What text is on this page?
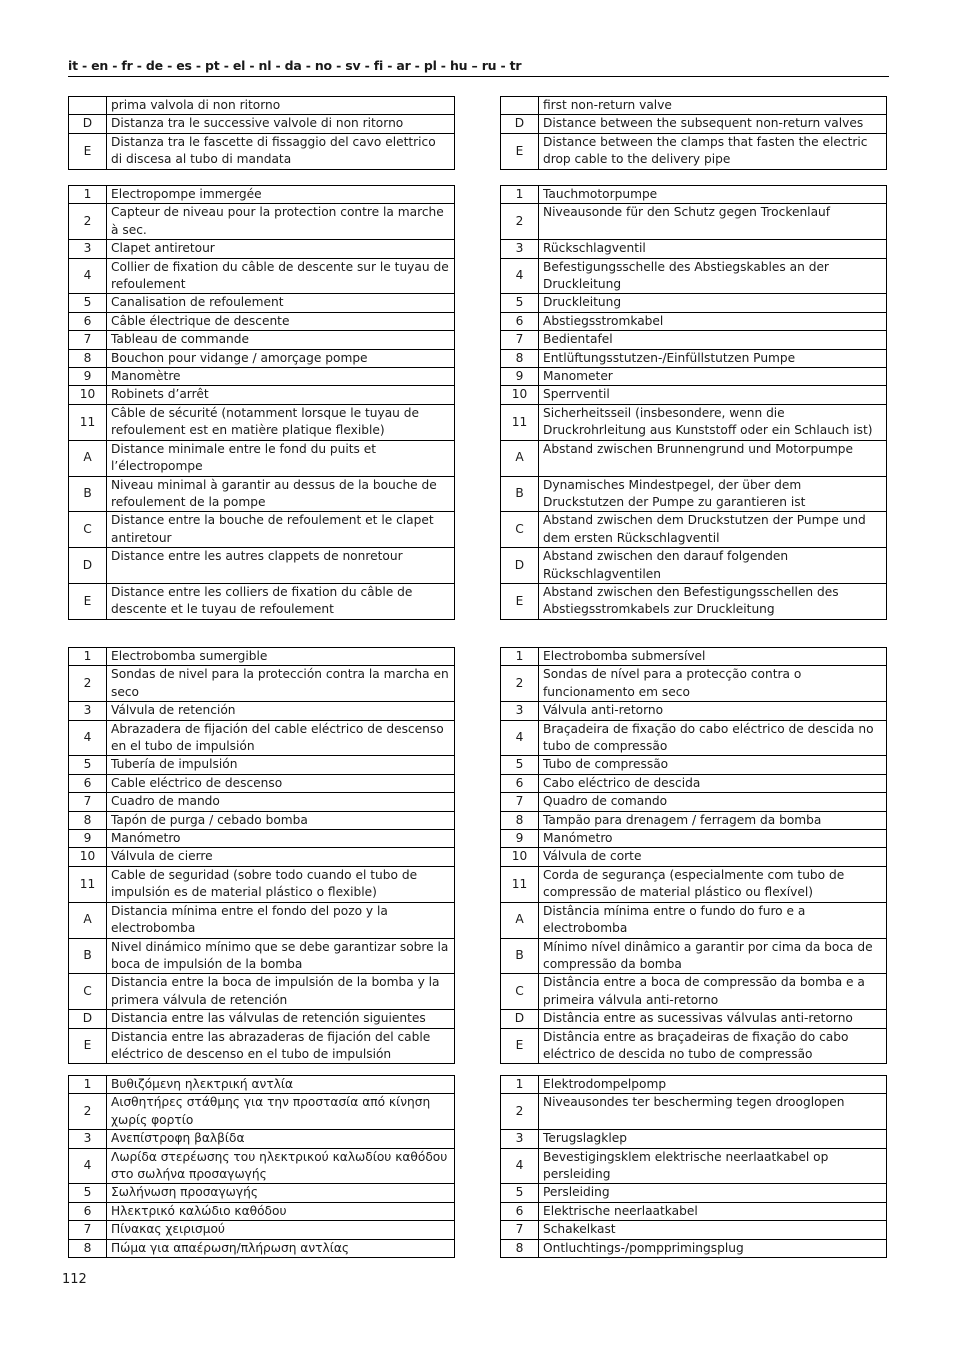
it - en - fr - de - es - pt - el - nl - da - no - sv - fi - ar - pl - hu – ru - tr
	prima valvola di non ritorno
D	Distanza tra le successive valvole di non ritorno
E	Distanza tra le fascette di fissaggio del cavo elettrico di discesa al tubo di mandata
	first non-return valve
D	Distance between the subsequent non-return valves
E	Distance between the clamps that fasten the electric drop cable to the delivery pipe
1	Electropompe immergée
2	Capteur de niveau pour la protection contre la marche à sec.
3	Clapet antiretour
4	Collier de fixation du câble de descente sur le tuyau de refoulement
5	Canalisation de refoulement
6	Câble électrique de descente
7	Tableau de commande
8	Bouchon pour vidange / amorçage pompe
9	Manomètre
10	Robinets d’arrêt
11	Câble de sécurité (notamment lorsque le tuyau de refoulement est en matière platique flexible)
A	Distance minimale entre le fond du puits et l’électropompe
B	Niveau minimal à garantir au dessus de la bouche de refoulement de la pompe
C	Distance entre la bouche de refoulement et le clapet antiretour
D	Distance entre les autres clappets de nonretour
E	Distance entre les colliers de fixation du câble de descente et le tuyau de refoulement
1	Tauchmotorpumpe
2	Niveausonde für den Schutz gegen Trockenlauf
3	Rückschlagventil
4	Befestigungsschelle des Abstiegskables an der Druckleitung
5	Druckleitung
6	Abstiegsstromkabel
7	Bedientafel
8	Entlüftungsstutzen-/Einfüllstutzen Pumpe
9	Manometer
10	Sperrventil
11	Sicherheitsseil (insbesondere, wenn die Druckrohrleitung aus Kunststoff oder ein Schlauch ist)
A	Abstand zwischen Brunnengrund und Motorpumpe
B	Dynamisches Mindestpegel, der über dem Druckstutzen der Pumpe zu garantieren ist
C	Abstand zwischen dem Druckstutzen der Pumpe und dem ersten Rückschlagventil
D	Abstand zwischen den darauf folgenden Rückschlagventilen
E	Abstand zwischen den Befestigungsschellen des Abstiegsstromkabels zur Druckleitung
1	Electrobomba sumergible
2	Sondas de nivel para la protección contra la marcha en seco
3	Válvula de retención
4	Abrazadera de fijación del cable eléctrico de descenso en el tubo de impulsión
5	Tubería de impulsión
6	Cable eléctrico de descenso
7	Cuadro de mando
8	Tapón de purga / cebado bomba
9	Manómetro
10	Válvula de cierre
11	Cable de seguridad (sobre todo cuando el tubo de impulsión es de material plástico o flexible)
A	Distancia mínima entre el fondo del pozo y la electrobomba
B	Nivel dinámico mínimo que se debe garantizar sobre la boca de impulsión de la bomba
C	Distancia entre la boca de impulsión de la bomba y la primera válvula de retención
D	Distancia entre las válvulas de retención siguientes
E	Distancia entre las abrazaderas de fijación del cable eléctrico de descenso en el tubo de impulsión
1	Electrobomba submersível
2	Sondas de nível para a protecção contra o funcionamento em seco
3	Válvula anti-retorno
4	Braçadeira de fixação do cabo eléctrico de descida no tubo de compressão
5	Tubo de compressão
6	Cabo eléctrico de descida
7	Quadro de comando
8	Tampão para drenagem / ferragem da bomba
9	Manómetro
10	Válvula de corte
11	Corda de segurança (especialmente com tubo de compressão de material plástico ou flexível)
A	Distância mínima entre o fundo do furo e a electrobomba
B	Mínimo nível dinâmico a garantir por cima da boca de compressão da bomba
C	Distância entre a boca de compressão da bomba e a primeira válvula anti-retorno
D	Distância entre as sucessivas válvulas anti-retorno
E	Distância entre as braçadeiras de fixação do cabo eléctrico de descida no tubo de compressão
1	Βυθιζόμενη ηλεκτρική αντλία
2	Αισθητήρες στάθμης για την προστασία από κίνηση χωρίς φορτίο
3	Ανεπίστροφη βαλβίδα
4	Λωρίδα στερέωσης του ηλεκτρικού καλωδίου καθόδου στο σωλήνα προσαγωγής
5	Σωλήνωση προσαγωγής
6	Ηλεκτρικό καλώδιο καθόδου
7	Πίνακας χειρισμού
8	Πώμα για απαέρωση/πλήρωση αντλίας
1	Elektrodompelpomp
2	Niveausondes ter bescherming tegen drooglopen
3	Terugslagklep
4	Bevestigingsklem elektrische neerlaatkabel op persleiding
5	Persleiding
6	Elektrische neerlaatkabel
7	Schakelkast
8	Ontluchtings-/pompprimingsplug
112
